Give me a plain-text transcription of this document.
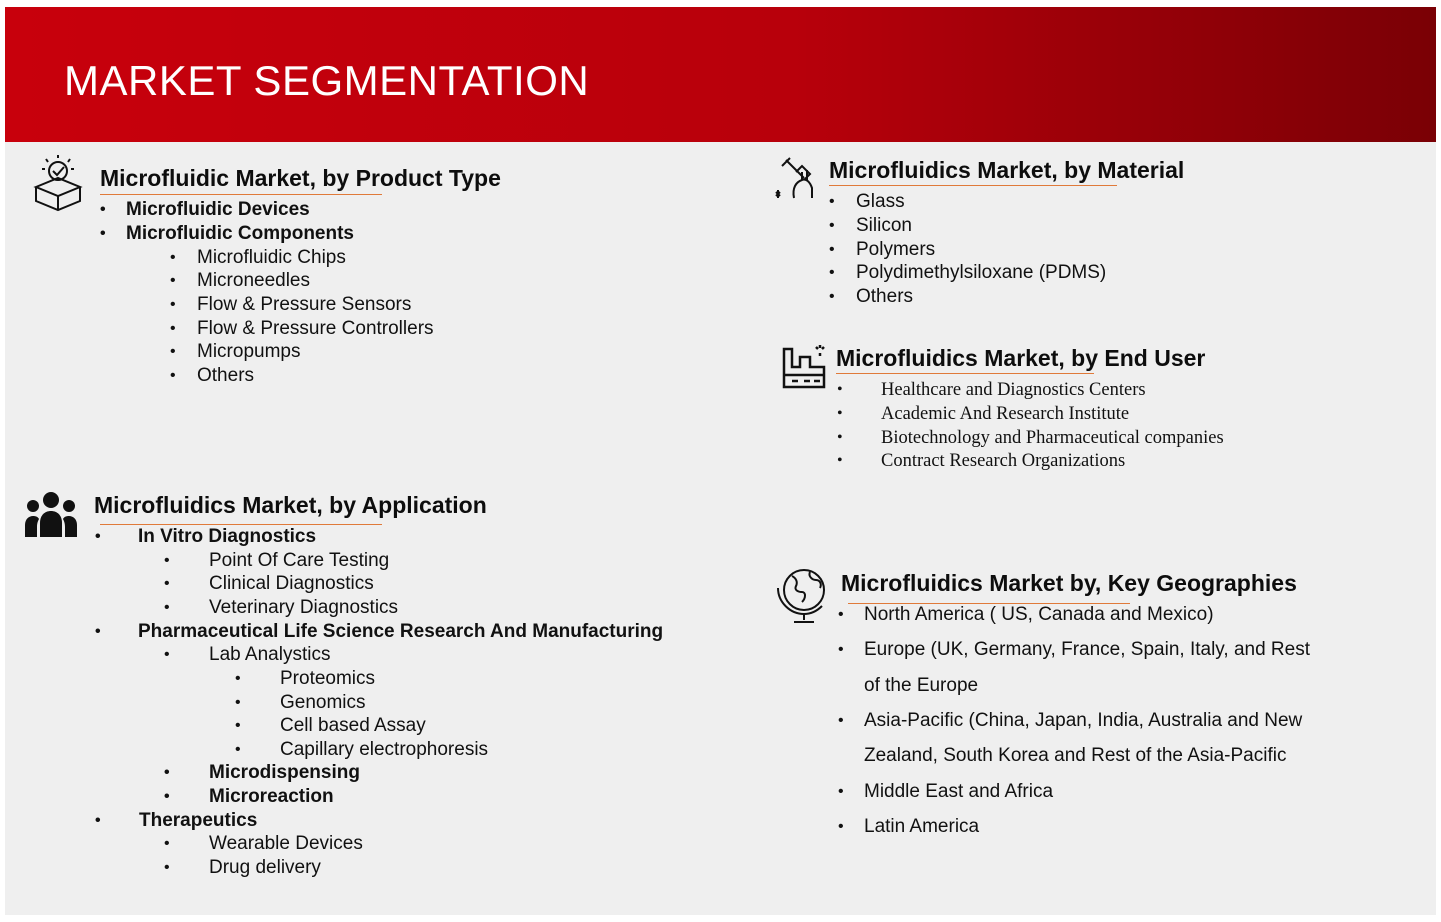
MARKET SEGMENTATION
Microfluidic Market, by Product Type
• Microfluidic Devices
• Microfluidic Components
• Microfluidic Chips
• Microneedles
• Flow & Pressure Sensors
• Flow & Pressure Controllers
• Micropumps
• Others
Microfluidics Market, by Material
• Glass
• Silicon
• Polymers
• Polydimethylsiloxane (PDMS)
• Others
Microfluidics Market, by End User
• Healthcare and Diagnostics Centers
• Academic And Research Institute
• Biotechnology and Pharmaceutical companies
• Contract Research Organizations
Microfluidics Market, by Application
• In Vitro Diagnostics
• Point Of Care Testing
• Clinical Diagnostics
• Veterinary Diagnostics
• Pharmaceutical Life Science Research And Manufacturing
• Lab Analystics
• Proteomics
• Genomics
• Cell based Assay
• Capillary electrophoresis
• Microdispensing
• Microreaction
• Therapeutics
• Wearable Devices
• Drug delivery
Microfluidics Market by, Key Geographies
• North America ( US, Canada and Mexico)
• Europe (UK, Germany, France, Spain, Italy, and Rest
of the Europe
• Asia-Pacific (China, Japan, India, Australia and New
Zealand, South Korea and Rest of the Asia-Pacific
• Middle East and Africa
• Latin America
